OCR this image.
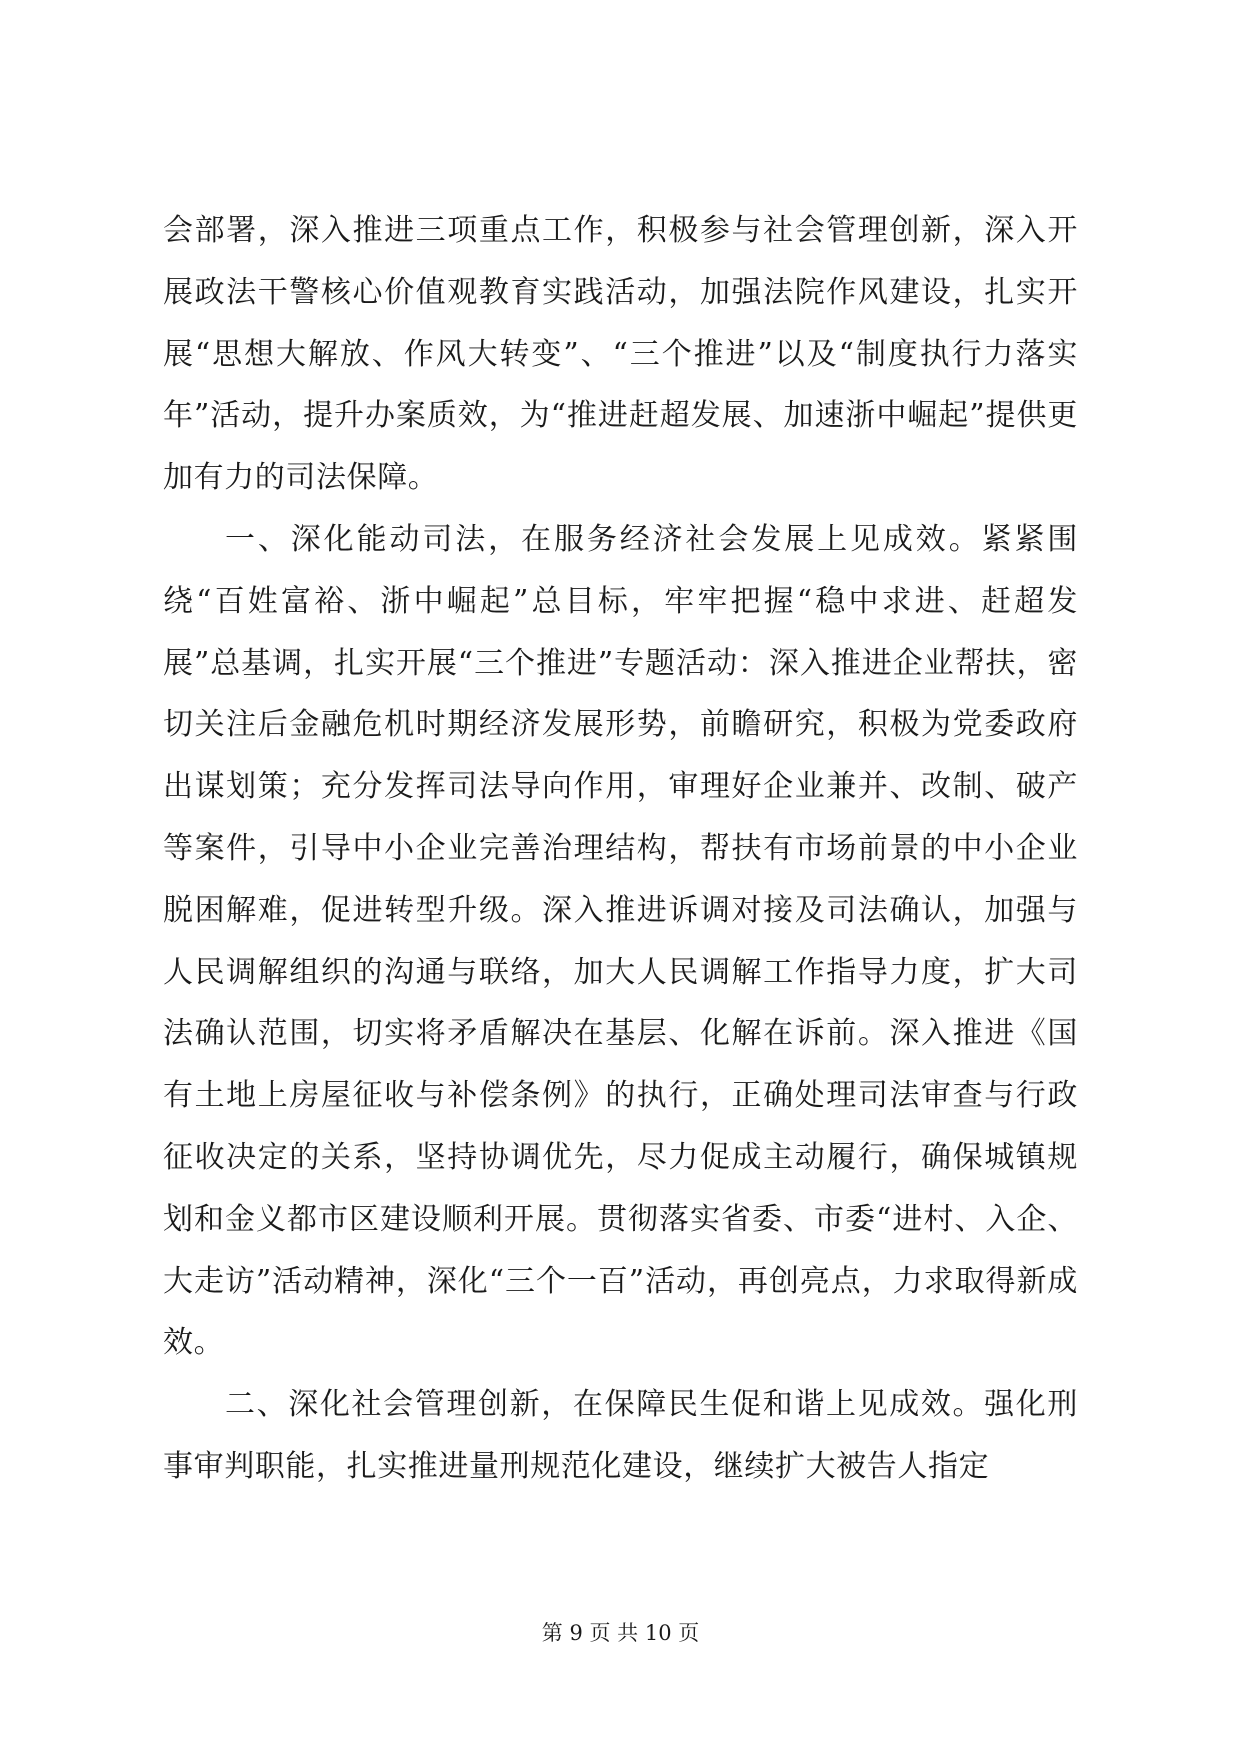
会部署，深入推进三项重点工作，积极参与社会管理创新，深入开展政法干警核心价值观教育实践活动，加强法院作风建设，扎实开展“思想大解放、作风大转变”、“三个推进”以及“制度执行力落实年”活动，提升办案质效，为“推进赶超发展、加速浙中崛起”提供更加有力的司法保障。

一、深化能动司法，在服务经济社会发展上见成效。紧紧围绕“百姓富裕、浙中崛起”总目标，牢牢把握“稳中求进、赶超发展”总基调，扎实开展“三个推进”专题活动：深入推进企业帮扶，密切关注后金融危机时期经济发展形势，前瞻研究，积极为党委政府出谋划策；充分发挥司法导向作用，审理好企业兼并、改制、破产等案件，引导中小企业完善治理结构，帮扶有市场前景的中小企业脱困解难，促进转型升级。深入推进诉调对接及司法确认，加强与人民调解组织的沟通与联络，加大人民调解工作指导力度，扩大司法确认范围，切实将矛盾解决在基层、化解在诉前。深入推进《国有土地上房屋征收与补偿条例》的执行，正确处理司法审查与行政征收决定的关系，坚持协调优先，尽力促成主动履行，确保城镇规划和金义都市区建设顺利开展。贯彻落实省委、市委“进村、入企、大走访”活动精神，深化“三个一百”活动，再创亮点，力求取得新成效。

二、深化社会管理创新，在保障民生促和谐上见成效。强化刑事审判职能，扎实推进量刑规范化建设，继续扩大被告人指定

第 9 页 共 10 页
